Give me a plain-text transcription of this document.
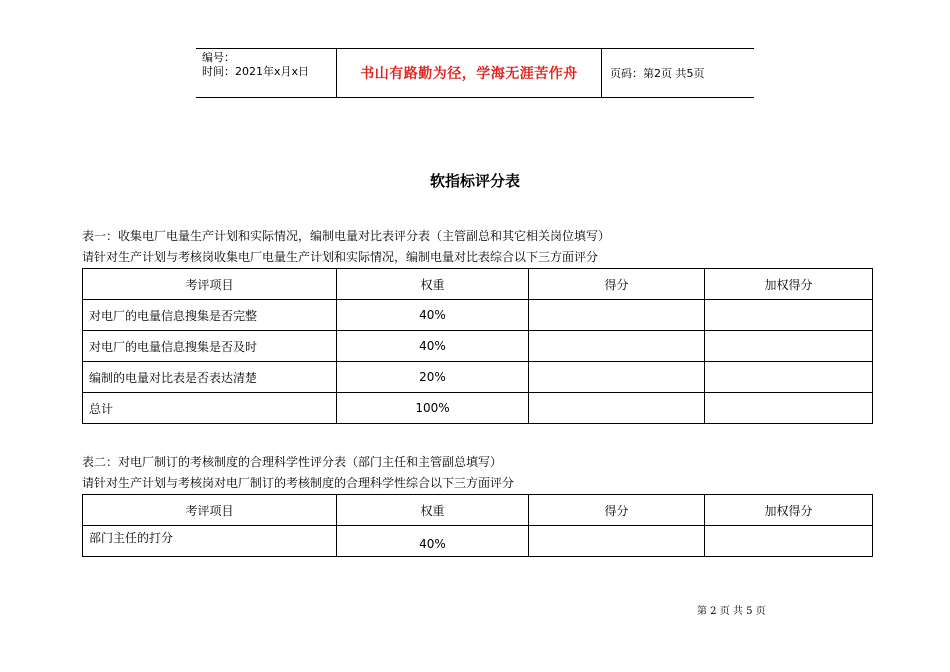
编号：
时间：2021年x月x日	书山有路勤为径，学海无涯苦作舟	页码：第2页 共5页
软指标评分表
表一：收集电厂电量生产计划和实际情况，编制电量对比表评分表（主管副总和其它相关岗位填写）
请针对生产计划与考核岗收集电厂电量生产计划和实际情况，编制电量对比表综合以下三方面评分
考评项目	权重	得分	加权得分
对电厂的电量信息搜集是否完整	40%		
对电厂的电量信息搜集是否及时	40%		
编制的电量对比表是否表达清楚	20%		
总计	100%		
表二：对电厂制订的考核制度的合理科学性评分表（部门主任和主管副总填写）
请针对生产计划与考核岗对电厂制订的考核制度的合理科学性综合以下三方面评分
考评项目	权重	得分	加权得分
部门主任的打分	40%		
第 2 页 共 5 页
